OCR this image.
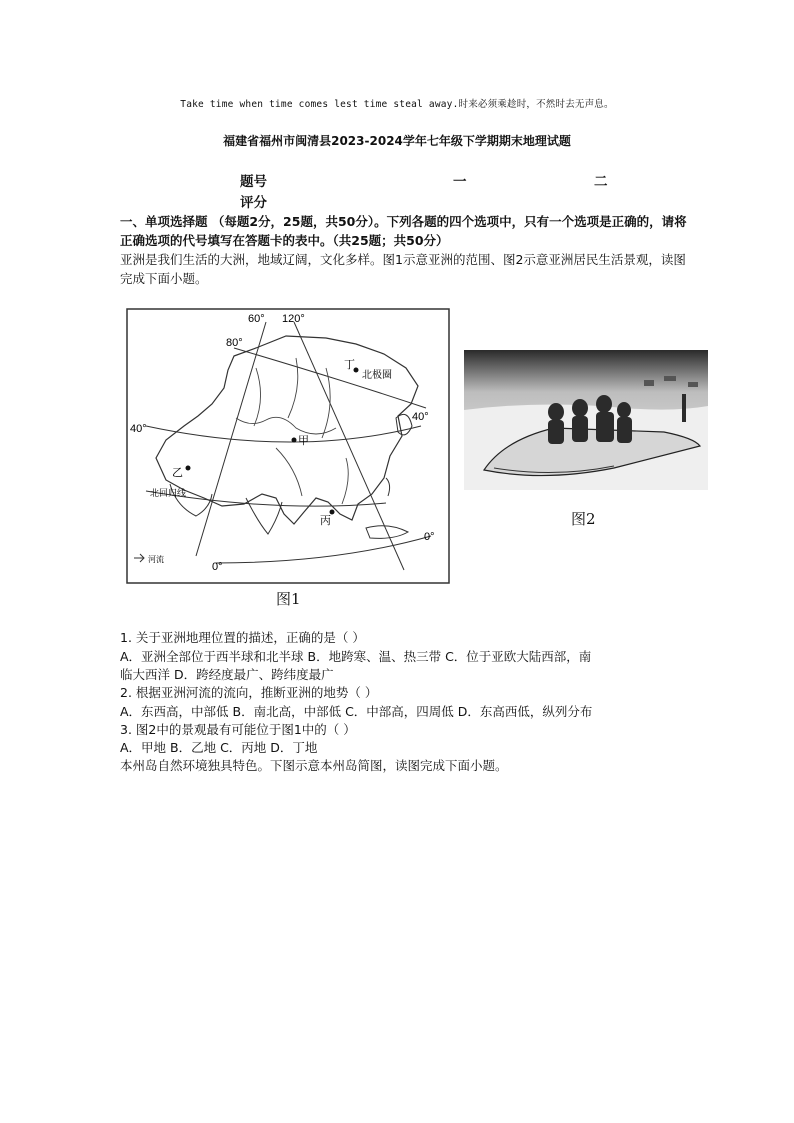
Take time when time comes lest time steal away.时来必须乘趁时，不然时去无声息。
福建省福州市闽清县2023-2024学年七年级下学期期末地理试题
题号	一	二
评分
一、单项选择题 （每题2分，25题，共50分）。下列各题的四个选项中，只有一个选项是正确的，请将正确选项的代号填写在答题卡的表中。（共25题；共50分）
亚洲是我们生活的大洲，地域辽阔，文化多样。图1示意亚洲的范围、图2示意亚洲居民生活景观，读图完成下面小题。
60° 120°
80°
40°
40°
0°
0°
北极圈
北回归线
甲
乙
丙
丁
河流
图1
图2
1. 关于亚洲地理位置的描述，正确的是（ ）
A．亚洲全部位于西半球和北半球 B．地跨寒、温、热三带 C．位于亚欧大陆西部，南
临大西洋 D．跨经度最广、跨纬度最广
2. 根据亚洲河流的流向，推断亚洲的地势（ ）
A．东西高，中部低 B．南北高，中部低 C．中部高，四周低 D．东高西低，纵列分布
3. 图2中的景观最有可能位于图1中的（ ）
A．甲地 B．乙地 C．丙地 D．丁地
本州岛自然环境独具特色。下图示意本州岛简图，读图完成下面小题。
